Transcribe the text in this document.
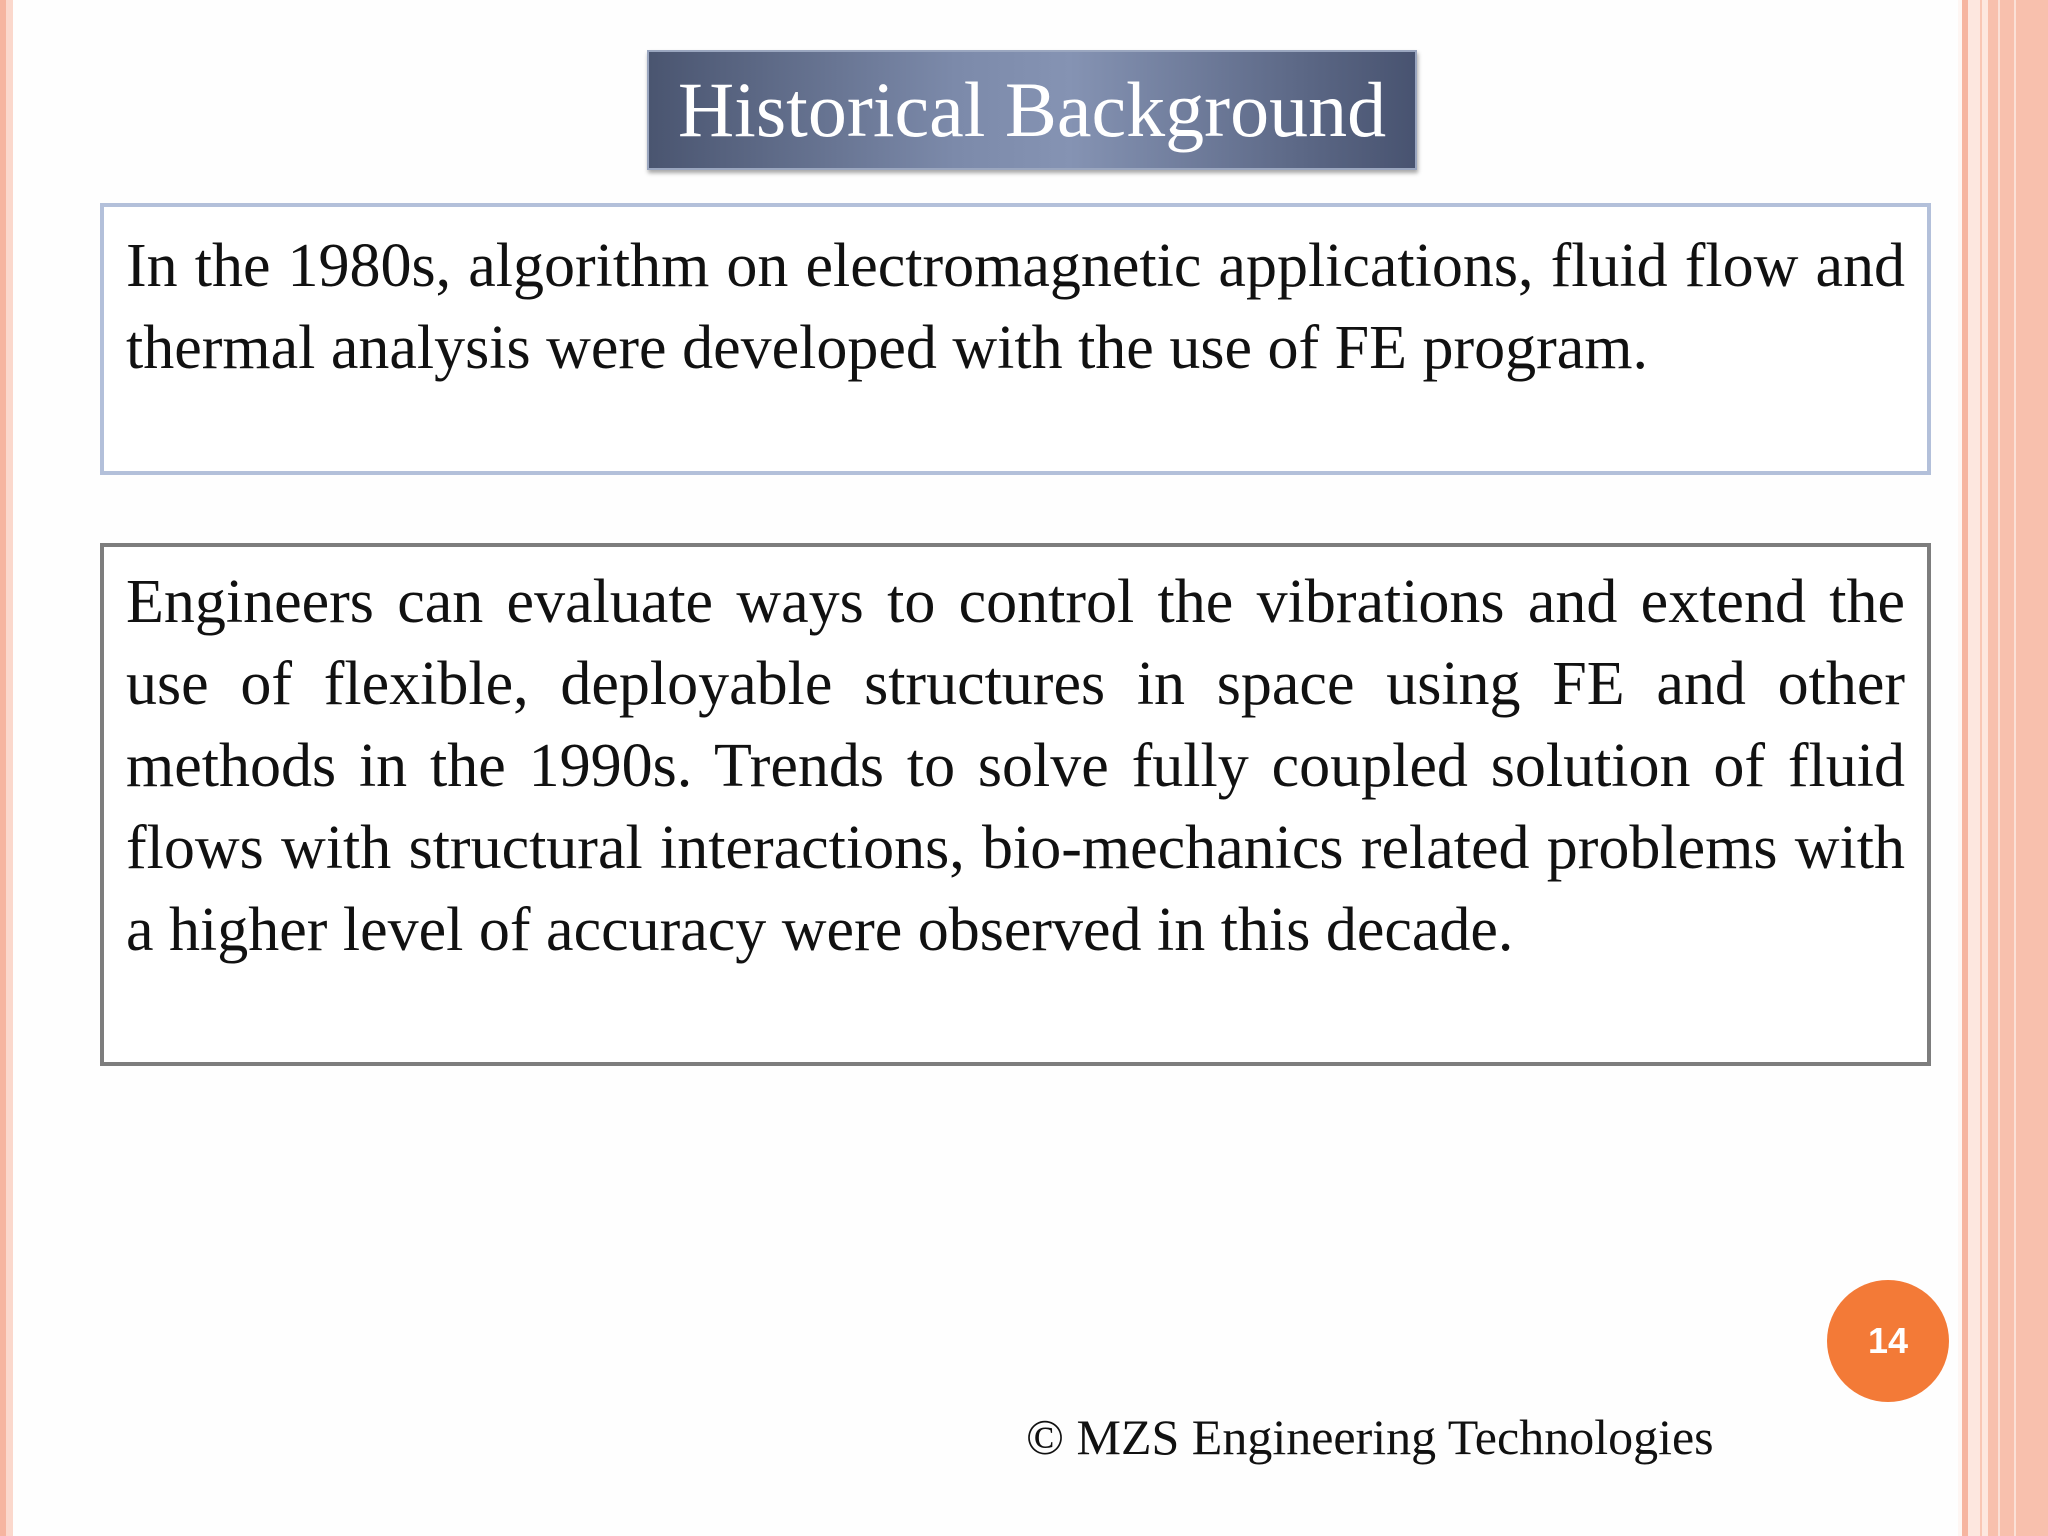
Historical Background

In the 1980s, algorithm on electromagnetic applications, fluid flow and thermal analysis were developed with the use of FE program.

Engineers can evaluate ways to control the vibrations and extend the use of flexible, deployable structures in space using FE and other methods in the 1990s. Trends to solve fully coupled solution of fluid flows with structural interactions, bio-mechanics related problems with a higher level of accuracy were observed in this decade.

14
© MZS Engineering Technologies
